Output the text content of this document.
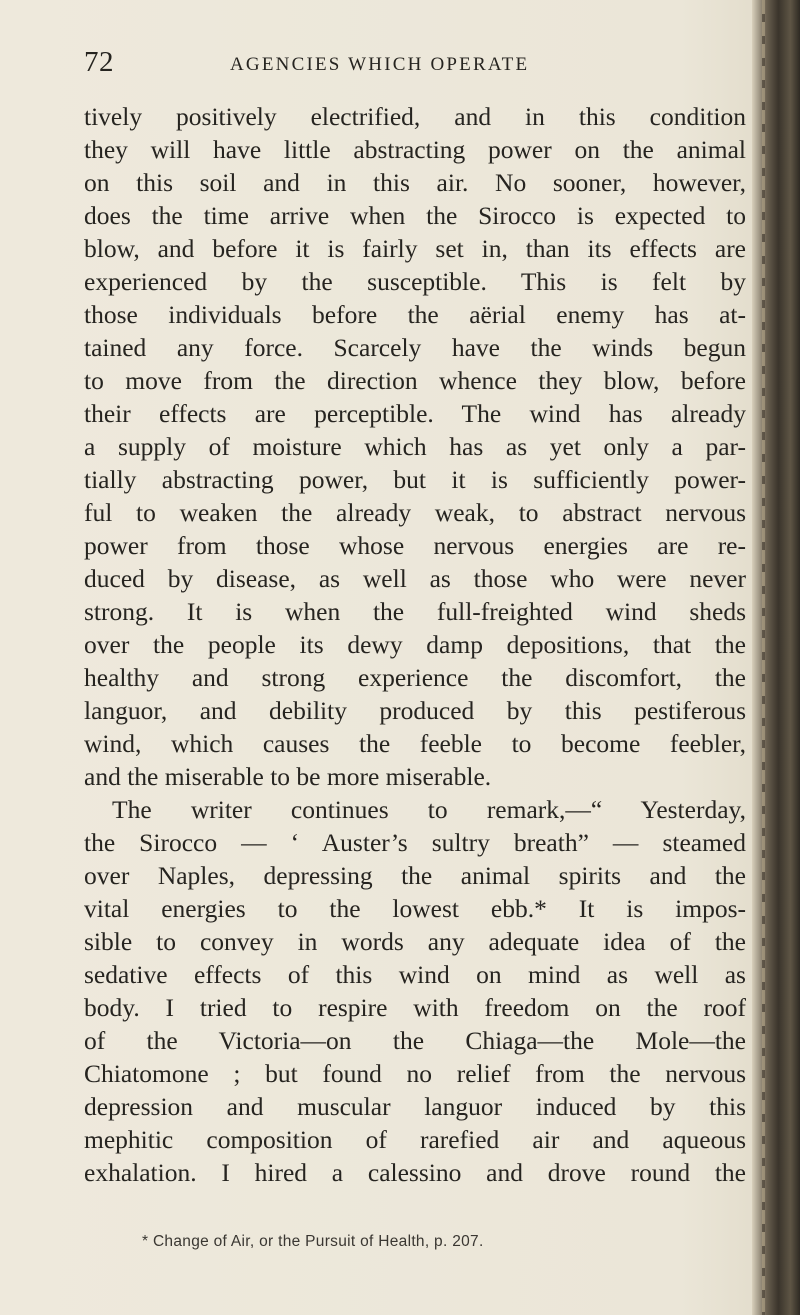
72	AGENCIES WHICH OPERATE
tively positively electrified, and in this condition
they will have little abstracting power on the animal
on this soil and in this air. No sooner, however,
does the time arrive when the Sirocco is expected to
blow, and before it is fairly set in, than its effects are
experienced by the susceptible. This is felt by
those individuals before the aërial enemy has at-
tained any force. Scarcely have the winds begun
to move from the direction whence they blow, before
their effects are perceptible. The wind has already
a supply of moisture which has as yet only a par-
tially abstracting power, but it is sufficiently power-
ful to weaken the already weak, to abstract nervous
power from those whose nervous energies are re-
duced by disease, as well as those who were never
strong. It is when the full-freighted wind sheds
over the people its dewy damp depositions, that the
healthy and strong experience the discomfort, the
languor, and debility produced by this pestiferous
wind, which causes the feeble to become feebler,
and the miserable to be more miserable.
The writer continues to remark,—“ Yesterday,
the Sirocco — ‘ Auster’s sultry breath” — steamed
over Naples, depressing the animal spirits and the
vital energies to the lowest ebb.* It is impos-
sible to convey in words any adequate idea of the
sedative effects of this wind on mind as well as
body. I tried to respire with freedom on the roof
of the Victoria—on the Chiaga—the Mole—the
Chiatomone ; but found no relief from the nervous
depression and muscular languor induced by this
mephitic composition of rarefied air and aqueous
exhalation. I hired a calessino and drove round the
* Change of Air, or the Pursuit of Health, p. 207.
